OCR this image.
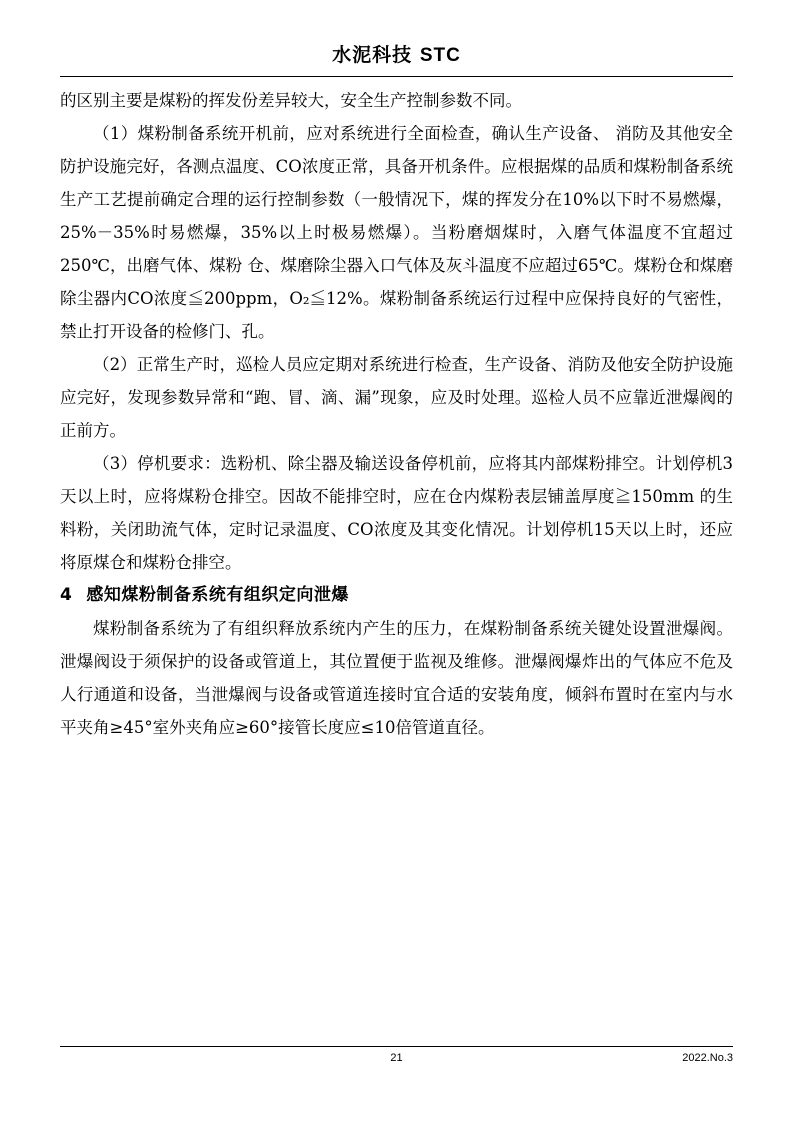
水泥科技 STC

的区别主要是煤粉的挥发份差异较大，安全生产控制参数不同。

（1）煤粉制备系统开机前，应对系统进行全面检查，确认生产设备、 消防及其他安全防护设施完好，各测点温度、CO浓度正常，具备开机条件。应根据煤的品质和煤粉制备系统生产工艺提前确定合理的运行控制参数（一般情况下，煤的挥发分在10%以下时不易燃爆，25%－35%时易燃爆，35%以上时极易燃爆）。当粉磨烟煤时，入磨气体温度不宜超过 250℃，出磨气体、煤粉 仓、煤磨除尘器入口气体及灰斗温度不应超过65℃。煤粉仓和煤磨除尘器内CO浓度≦200ppm，O₂≦12%。煤粉制备系统运行过程中应保持良好的气密性，禁止打开设备的检修门、孔。

（2）正常生产时，巡检人员应定期对系统进行检查，生产设备、消防及他安全防护设施应完好，发现参数异常和“跑、冒、滴、漏”现象，应及时处理。巡检人员不应靠近泄爆阀的正前方。

（3）停机要求：选粉机、除尘器及输送设备停机前，应将其内部煤粉排空。计划停机3 天以上时，应将煤粉仓排空。因故不能排空时，应在仓内煤粉表层铺盖厚度≧150mm 的生料粉，关闭助流气体，定时记录温度、CO浓度及其变化情况。计划停机15天以上时，还应将原煤仓和煤粉仓排空。

4 感知煤粉制备系统有组织定向泄爆

煤粉制备系统为了有组织释放系统内产生的压力，在煤粉制备系统关键处设置泄爆阀。泄爆阀设于须保护的设备或管道上，其位置便于监视及维修。泄爆阀爆炸出的气体应不危及人行通道和设备，当泄爆阀与设备或管道连接时宜合适的安装角度，倾斜布置时在室内与水平夹角≥45°室外夹角应≥60°接管长度应≤10倍管道直径。

21	2022.No.3
